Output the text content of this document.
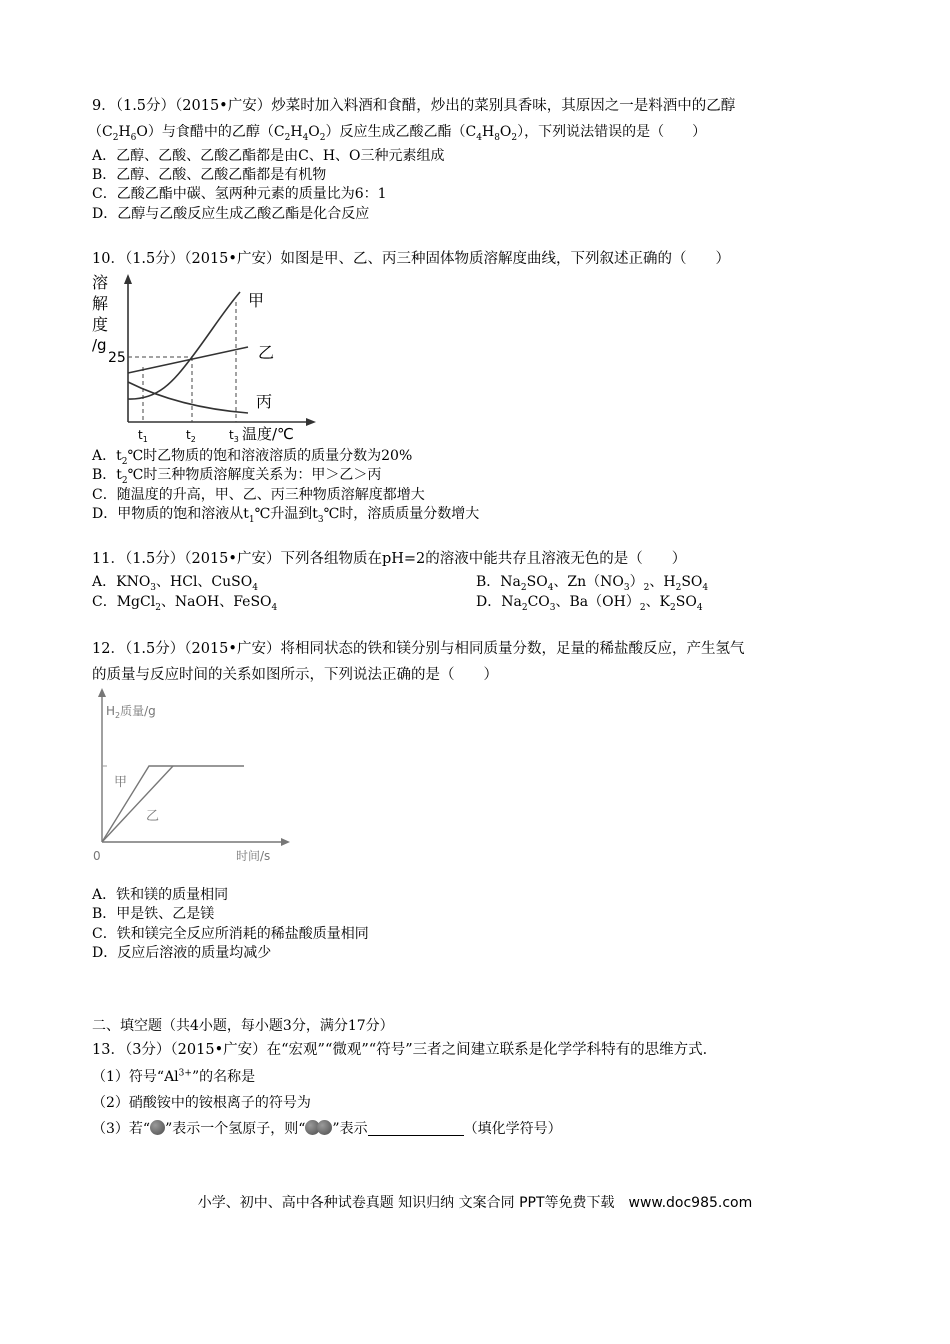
9．（1.5分）（2015•广安）炒菜时加入料酒和食醋，炒出的菜别具香味，其原因之一是料酒中的乙醇
$(C_2H_6O)$与食醋中的乙醇$(C_2H_4O_2)$反应生成乙酸乙酯$(C_4H_8O_2)$，下列说法错误的是（　　）
A．乙醇、乙酸、乙酸乙酯都是由C、H、O三种元素组成
B．乙醇、乙酸、乙酸乙酯都是有机物
C．乙酸乙酯中碳、氢两种元素的质量比为6：1
D．乙醇与乙酸反应生成乙酸乙酯是化合反应
10．（1.5分）（2015•广安）如图是甲、乙、丙三种固体物质溶解度曲线，下列叙述正确的（　　）
溶
解
度
/g
25
甲
乙
丙
$t_1$	$t_2$	$t_3$ 温度/℃
A．$t_2℃$时乙物质的饱和溶液溶质的质量分数为20%
B．$t_2℃$时三种物质溶解度关系为：甲＞乙＞丙
C．随温度的升高，甲、乙、丙三种物质溶解度都增大
D．甲物质的饱和溶液从$t_1℃$升温到$t_3℃$时，溶质质量分数增大
11．（1.5分）（2015•广安）下列各组物质在pH=2的溶液中能共存且溶液无色的是（　　）
A．$KNO_3$、HCl、CuSO$_4$	B．$Na_2SO_4$、$Zn(NO_3)_2$、$H_2SO_4$
C．MgCl$_2$、NaOH、FeSO$_4$	D．$Na_2CO_3$、$Ba(OH)_2$、$K_2SO_4$
12．（1.5分）（2015•广安）将相同状态的铁和镁分别与相同质量分数，足量的稀盐酸反应，产生氢气
的质量与反应时间的关系如图所示，下列说法正确的是（　　）
$H_2$质量/g
甲
乙
0	时间/s
A．铁和镁的质量相同
B．甲是铁、乙是镁
C．铁和镁完全反应所消耗的稀盐酸质量相同
D．反应后溶液的质量均减少
二、填空题（共4小题，每小题3分，满分17分）
13．（3分）（2015•广安）在“宏观”“微观”“符号”三者之间建立联系是化学学科特有的思维方式．
（1）符号“$Al^{3+}$”的名称是
（2）硝酸铵中的铵根离子的符号为
（3）若“ ”表示一个氢原子，则“ ”表示	（填化学符号）
小学、初中、高中各种试卷真题 知识归纳 文案合同 PPT等免费下载　www.doc985.com
